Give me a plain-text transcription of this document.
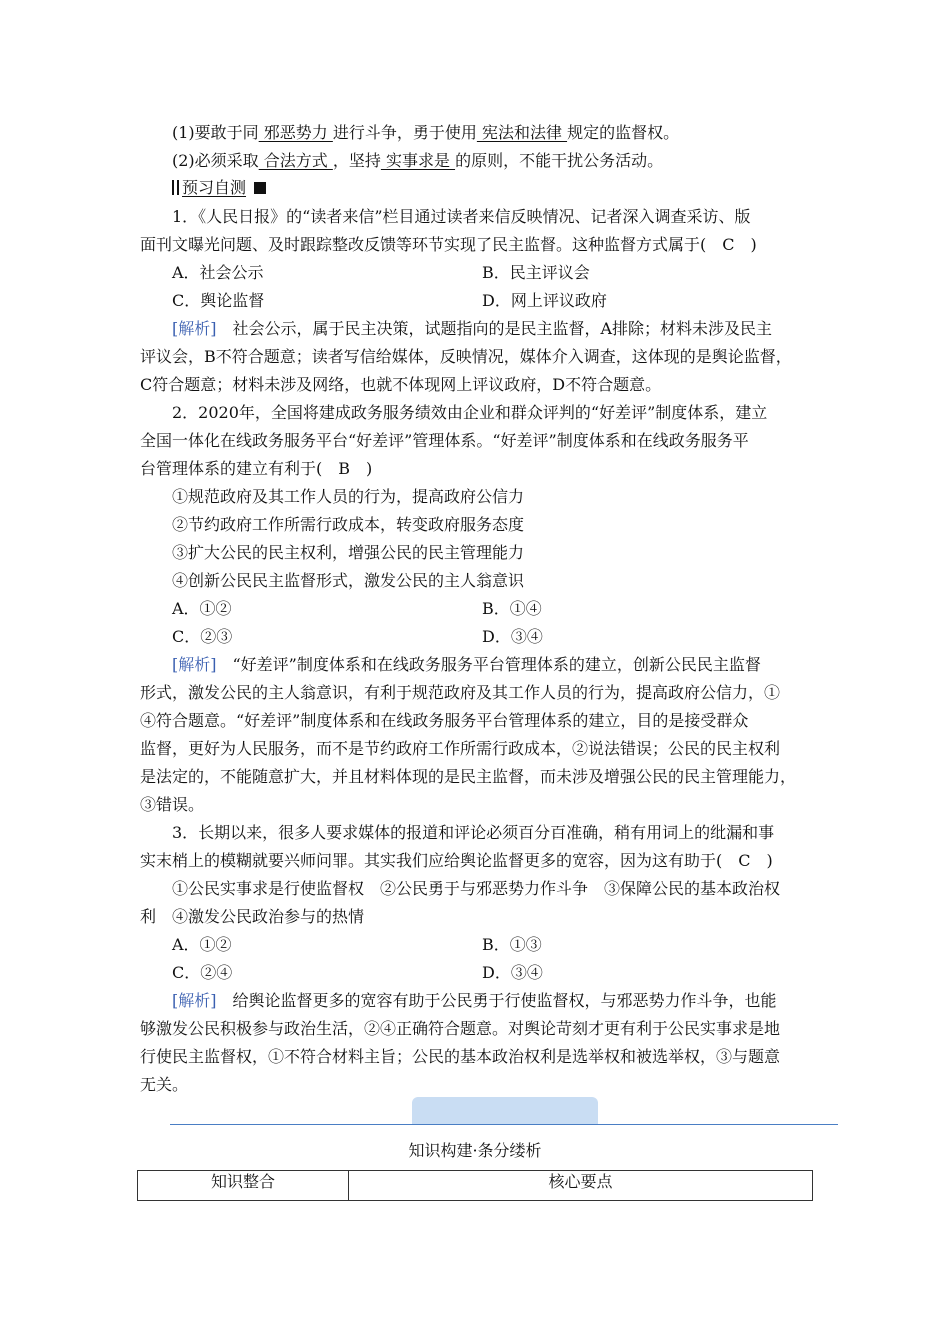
(1)要敢于同 邪恶势力 进行斗争，勇于使用 宪法和法律 规定的监督权。
(2)必须采取 合法方式 ，坚持 实事求是 的原则，不能干扰公务活动。
预习自测
1．《人民日报》的“读者来信”栏目通过读者来信反映情况、记者深入调查采访、版
面刊文曝光问题、及时跟踪整改反馈等环节实现了民主监督。这种监督方式属于(　C　)
A．社会公示	B．民主评议会
C．舆论监督	D．网上评议政府
[解析]　社会公示，属于民主决策，试题指向的是民主监督，A排除；材料未涉及民主
评议会，B不符合题意；读者写信给媒体，反映情况，媒体介入调查，这体现的是舆论监督，
C符合题意；材料未涉及网络，也就不体现网上评议政府，D不符合题意。
2．2020年，全国将建成政务服务绩效由企业和群众评判的“好差评”制度体系，建立
全国一体化在线政务服务平台“好差评”管理体系。“好差评”制度体系和在线政务服务平
台管理体系的建立有利于(　B　)
①规范政府及其工作人员的行为，提高政府公信力
②节约政府工作所需行政成本，转变政府服务态度
③扩大公民的民主权利，增强公民的民主管理能力
④创新公民民主监督形式，激发公民的主人翁意识
A．①②	B．①④
C．②③	D．③④
[解析]　“好差评”制度体系和在线政务服务平台管理体系的建立，创新公民民主监督
形式，激发公民的主人翁意识，有利于规范政府及其工作人员的行为，提高政府公信力，①
④符合题意。“好差评”制度体系和在线政务服务平台管理体系的建立，目的是接受群众
监督，更好为人民服务，而不是节约政府工作所需行政成本，②说法错误；公民的民主权利
是法定的，不能随意扩大，并且材料体现的是民主监督，而未涉及增强公民的民主管理能力，
③错误。
3．长期以来，很多人要求媒体的报道和评论必须百分百准确，稍有用词上的纰漏和事
实末梢上的模糊就要兴师问罪。其实我们应给舆论监督更多的宽容，因为这有助于(　C　)
①公民实事求是行使监督权　②公民勇于与邪恶势力作斗争　③保障公民的基本政治权
利　④激发公民政治参与的热情
A．①②	B．①③
C．②④	D．③④
[解析]　给舆论监督更多的宽容有助于公民勇于行使监督权，与邪恶势力作斗争，也能
够激发公民积极参与政治生活，②④正确符合题意。对舆论苛刻才更有利于公民实事求是地
行使民主监督权，①不符合材料主旨；公民的基本政治权利是选举权和被选举权，③与题意
无关。
知识构建·条分缕析
知识整合	核心要点
